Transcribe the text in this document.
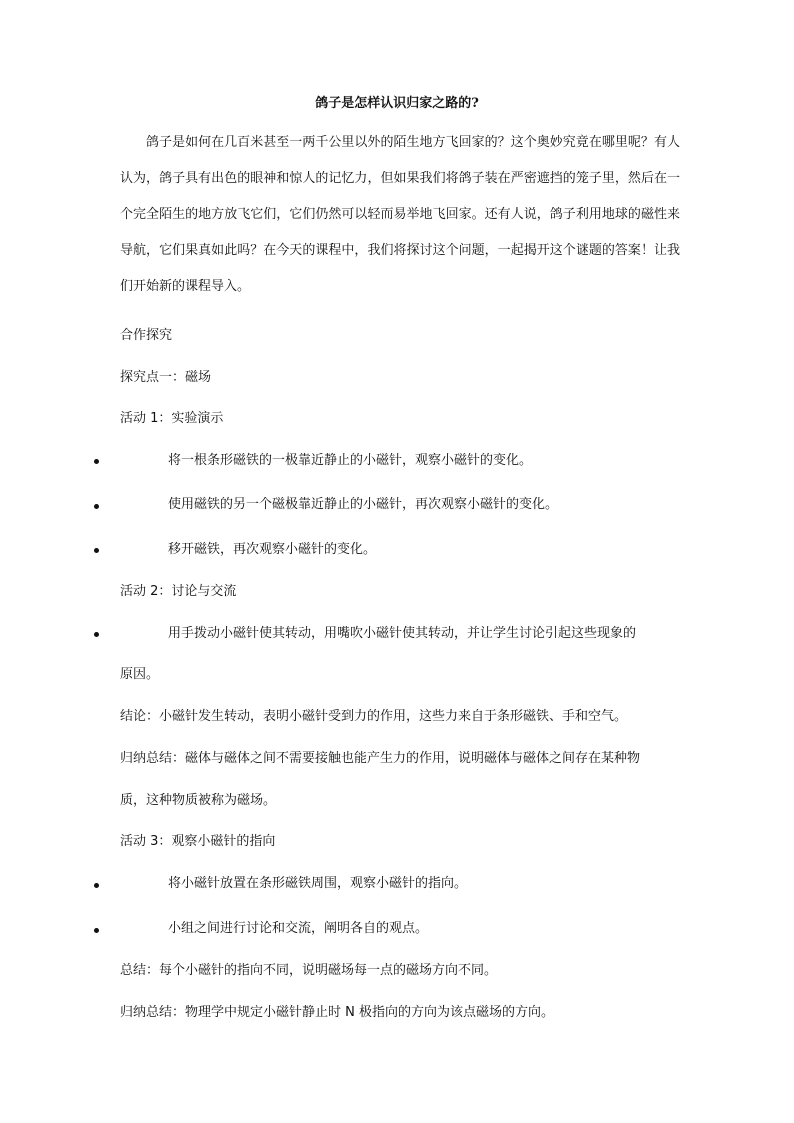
鸽子是怎样认识归家之路的?

鸽子是如何在几百米甚至一两千公里以外的陌生地方飞回家的？这个奥妙究竟在哪里呢？有人认为，鸽子具有出色的眼神和惊人的记忆力，但如果我们将鸽子装在严密遮挡的笼子里，然后在一个完全陌生的地方放飞它们，它们仍然可以轻而易举地飞回家。还有人说，鸽子利用地球的磁性来导航，它们果真如此吗？在今天的课程中，我们将探讨这个问题，一起揭开这个谜题的答案！让我们开始新的课程导入。

合作探究
探究点一：磁场
活动 1：实验演示
将一根条形磁铁的一极靠近静止的小磁针，观察小磁针的变化。
使用磁铁的另一个磁极靠近静止的小磁针，再次观察小磁针的变化。
移开磁铁，再次观察小磁针的变化。
活动 2：讨论与交流
用手拨动小磁针使其转动，用嘴吹小磁针使其转动，并让学生讨论引起这些现象的
原因。
结论：小磁针发生转动，表明小磁针受到力的作用，这些力来自于条形磁铁、手和空气。
归纳总结：磁体与磁体之间不需要接触也能产生力的作用，说明磁体与磁体之间存在某种物
质，这种物质被称为磁场。
活动 3：观察小磁针的指向
将小磁针放置在条形磁铁周围，观察小磁针的指向。
小组之间进行讨论和交流，阐明各自的观点。
总结：每个小磁针的指向不同，说明磁场每一点的磁场方向不同。
归纳总结：物理学中规定小磁针静止时 N 极指向的方向为该点磁场的方向。
